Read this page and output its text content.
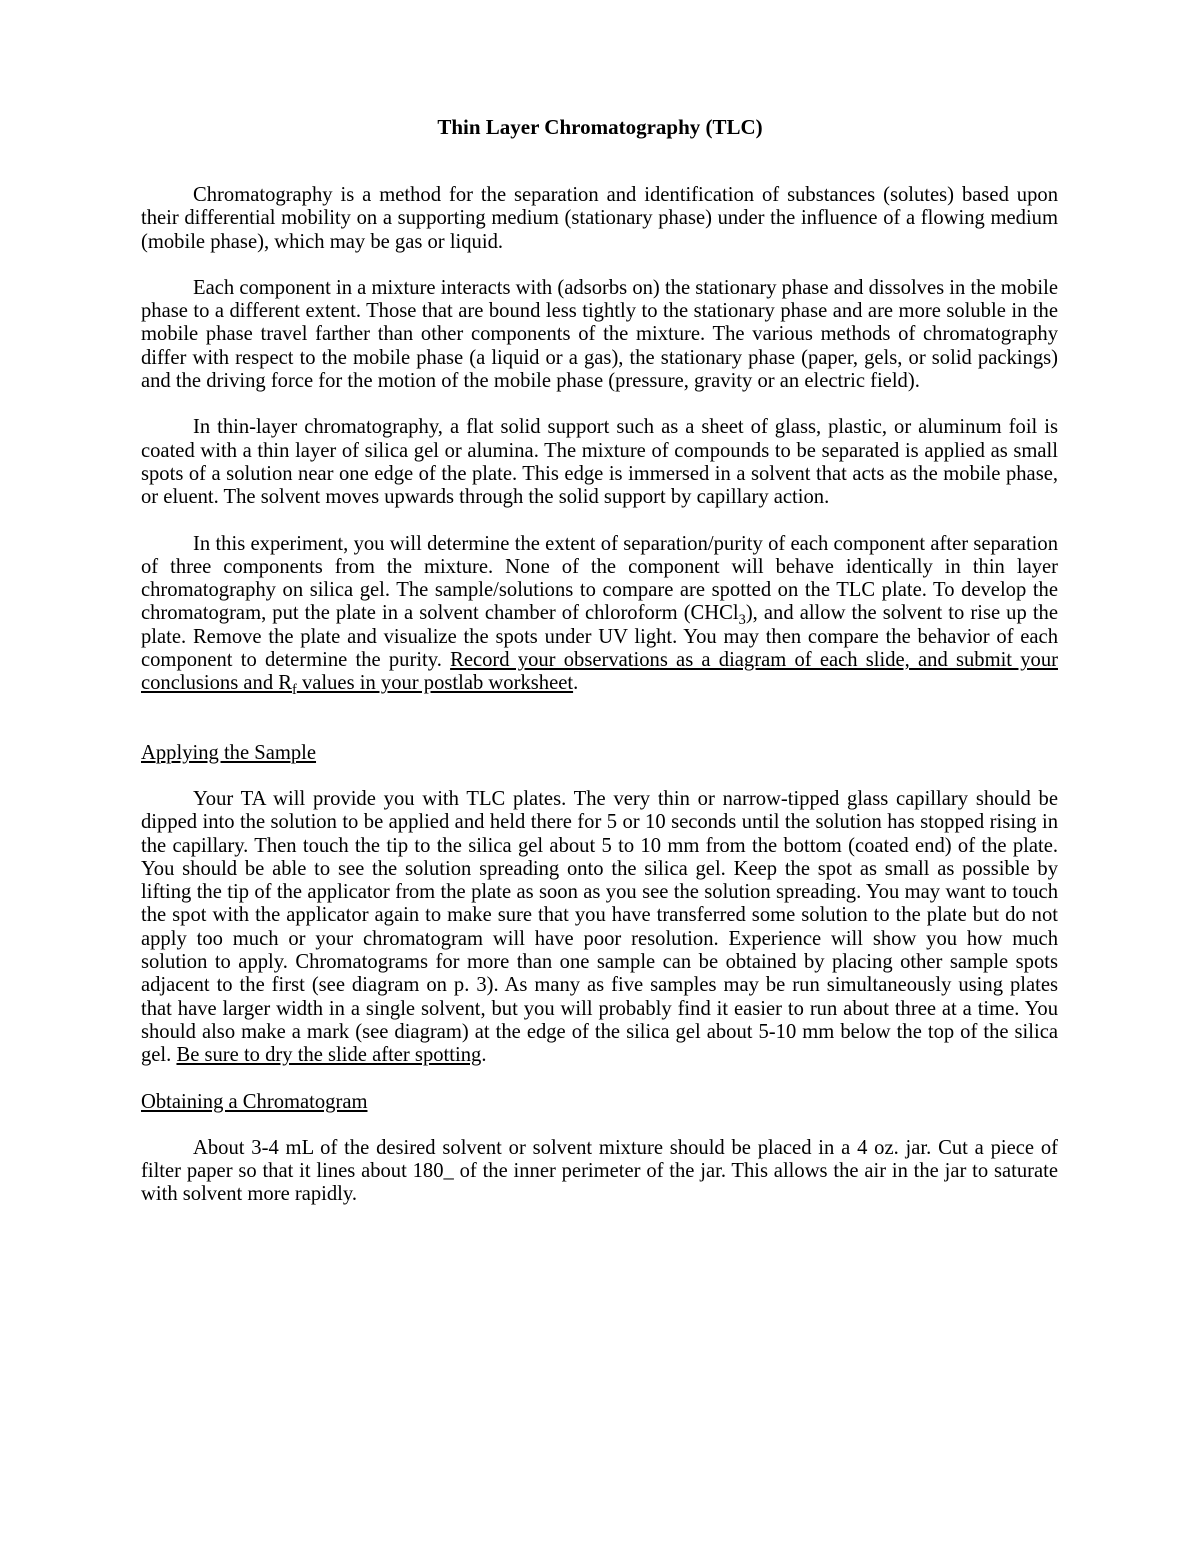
Thin Layer Chromatography (TLC)

Chromatography is a method for the separation and identification of substances (solutes) based upon their differential mobility on a supporting medium (stationary phase) under the influence of a flowing medium (mobile phase), which may be gas or liquid.

Each component in a mixture interacts with (adsorbs on) the stationary phase and dissolves in the mobile phase to a different extent. Those that are bound less tightly to the stationary phase and are more soluble in the mobile phase travel farther than other components of the mixture. The various methods of chromatography differ with respect to the mobile phase (a liquid or a gas), the stationary phase (paper, gels, or solid packings) and the driving force for the motion of the mobile phase (pressure, gravity or an electric field).

In thin-layer chromatography, a flat solid support such as a sheet of glass, plastic, or aluminum foil is coated with a thin layer of silica gel or alumina. The mixture of compounds to be separated is applied as small spots of a solution near one edge of the plate. This edge is immersed in a solvent that acts as the mobile phase, or eluent. The solvent moves upwards through the solid support by capillary action.

In this experiment, you will determine the extent of separation/purity of each component after separation of three components from the mixture. None of the component will behave identically in thin layer chromatography on silica gel. The sample/solutions to compare are spotted on the TLC plate. To develop the chromatogram, put the plate in a solvent chamber of chloroform (CHCl$_3$), and allow the solvent to rise up the plate. Remove the plate and visualize the spots under UV light. You may then compare the behavior of each component to determine the purity. Record your observations as a diagram of each slide, and submit your conclusions and $R_f$ values in your postlab worksheet.

Applying the Sample

Your TA will provide you with TLC plates. The very thin or narrow-tipped glass capillary should be dipped into the solution to be applied and held there for 5 or 10 seconds until the solution has stopped rising in the capillary. Then touch the tip to the silica gel about 5 to 10 mm from the bottom (coated end) of the plate. You should be able to see the solution spreading onto the silica gel. Keep the spot as small as possible by lifting the tip of the applicator from the plate as soon as you see the solution spreading. You may want to touch the spot with the applicator again to make sure that you have transferred some solution to the plate but do not apply too much or your chromatogram will have poor resolution. Experience will show you how much solution to apply. Chromatograms for more than one sample can be obtained by placing other sample spots adjacent to the first (see diagram on p. 3). As many as five samples may be run simultaneously using plates that have larger width in a single solvent, but you will probably find it easier to run about three at a time. You should also make a mark (see diagram) at the edge of the silica gel about 5-10 mm below the top of the silica gel. Be sure to dry the slide after spotting.

Obtaining a Chromatogram

About 3-4 mL of the desired solvent or solvent mixture should be placed in a 4 oz. jar. Cut a piece of filter paper so that it lines about 180_ of the inner perimeter of the jar. This allows the air in the jar to saturate with solvent more rapidly.
